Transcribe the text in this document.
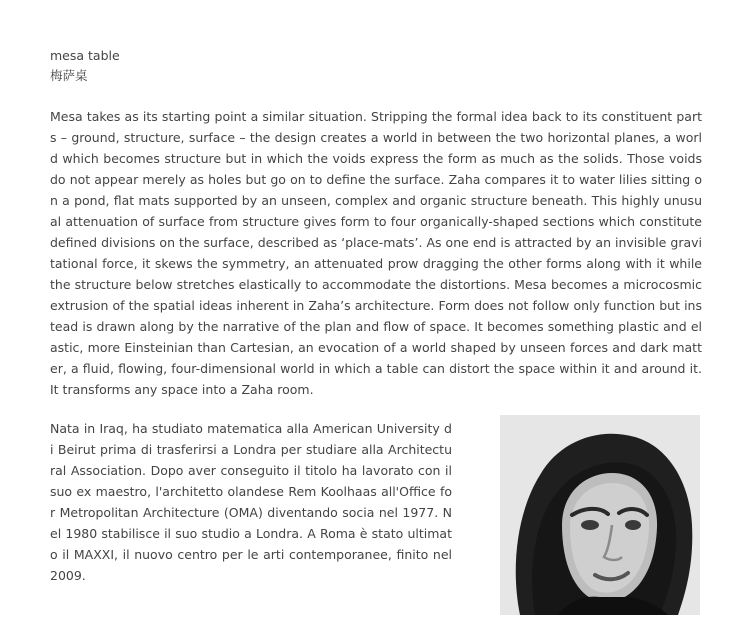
mesa table
梅萨桌
Mesa takes as its starting point a similar situation. Stripping the formal idea back to its constituent parts – ground, structure, surface – the design creates a world in between the two horizontal planes, a world which becomes structure but in which the voids express the form as much as the solids. Those voids do not appear merely as holes but go on to define the surface. Zaha compares it to water lilies sitting on a pond, flat mats supported by an unseen, complex and organic structure beneath. This highly unusual attenuation of surface from structure gives form to four organically-shaped sections which constitute defined divisions on the surface, described as ‘place-mats’. As one end is attracted by an invisible gravitational force, it skews the symmetry, an attenuated prow dragging the other forms along with it while the structure below stretches elastically to accommodate the distortions. Mesa becomes a microcosmic extrusion of the spatial ideas inherent in Zaha’s architecture. Form does not follow only function but instead is drawn along by the narrative of the plan and flow of space. It becomes something plastic and elastic, more Einsteinian than Cartesian, an evocation of a world shaped by unseen forces and dark matter, a fluid, flowing, four-dimensional world in which a table can distort the space within it and around it. It transforms any space into a Zaha room.
Nata in Iraq, ha studiato matematica alla American University di Beirut prima di trasferirsi a Londra per studiare alla Architectural Association. Dopo aver conseguito il titolo ha lavorato con il suo ex maestro, l'architetto olandese Rem Koolhaas all'Office for Metropolitan Architecture (OMA) diventando socia nel 1977. Nel 1980 stabilisce il suo studio a Londra. A Roma è stato ultimato il MAXXI, il nuovo centro per le arti contemporanee, finito nel 2009.
